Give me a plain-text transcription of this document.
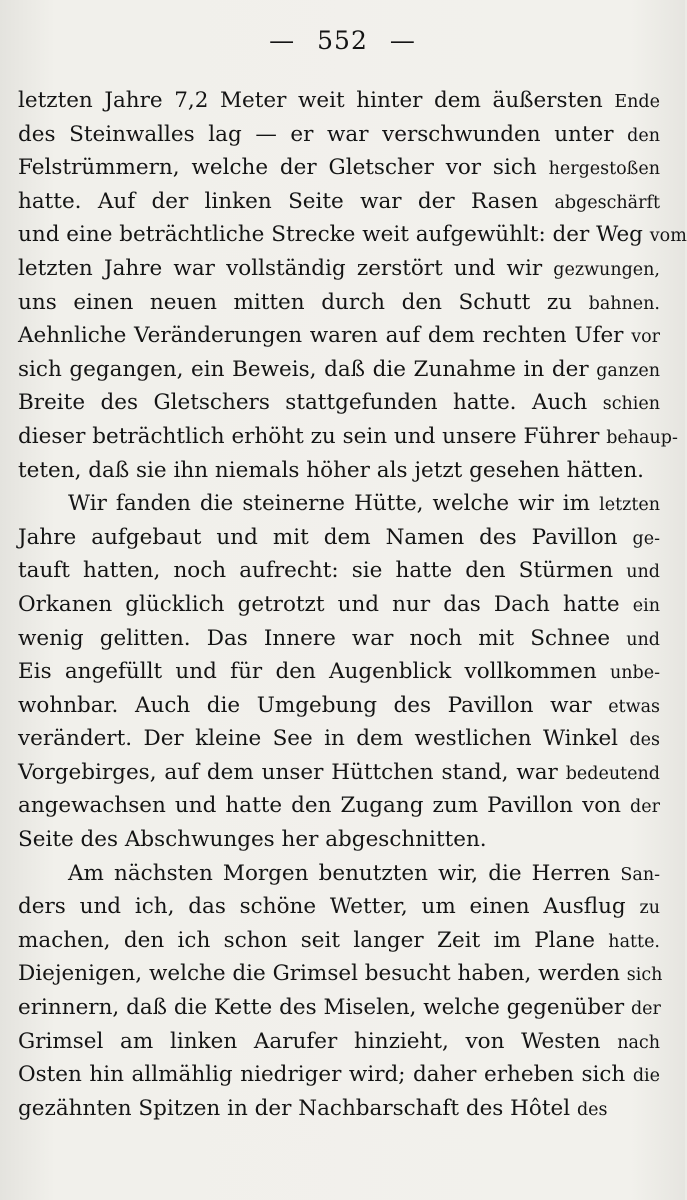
— 552 —
letzten Jahre 7,2 Meter weit hinter dem äußersten Ende
des Steinwalles lag — er war verschwunden unter den
Felstrümmern, welche der Gletscher vor sich hergestoßen
hatte. Auf der linken Seite war der Rasen abgeschärft
und eine beträchtliche Strecke weit aufgewühlt: der Weg vom
letzten Jahre war vollständig zerstört und wir gezwungen,
uns einen neuen mitten durch den Schutt zu bahnen.
Aehnliche Veränderungen waren auf dem rechten Ufer vor
sich gegangen, ein Beweis, daß die Zunahme in der ganzen
Breite des Gletschers stattgefunden hatte. Auch schien
dieser beträchtlich erhöht zu sein und unsere Führer behaup-
teten, daß sie ihn niemals höher als jetzt gesehen hätten.
Wir fanden die steinerne Hütte, welche wir im letzten
Jahre aufgebaut und mit dem Namen des Pavillon ge-
tauft hatten, noch aufrecht: sie hatte den Stürmen und
Orkanen glücklich getrotzt und nur das Dach hatte ein
wenig gelitten. Das Innere war noch mit Schnee und
Eis angefüllt und für den Augenblick vollkommen unbe-
wohnbar. Auch die Umgebung des Pavillon war etwas
verändert. Der kleine See in dem westlichen Winkel des
Vorgebirges, auf dem unser Hüttchen stand, war bedeutend
angewachsen und hatte den Zugang zum Pavillon von der
Seite des Abschwunges her abgeschnitten.
Am nächsten Morgen benutzten wir, die Herren San-
ders und ich, das schöne Wetter, um einen Ausflug zu
machen, den ich schon seit langer Zeit im Plane hatte.
Diejenigen, welche die Grimsel besucht haben, werden sich
erinnern, daß die Kette des Miselen, welche gegenüber der
Grimsel am linken Aarufer hinzieht, von Westen nach
Osten hin allmählig niedriger wird; daher erheben sich die
gezähnten Spitzen in der Nachbarschaft des Hôtel des
